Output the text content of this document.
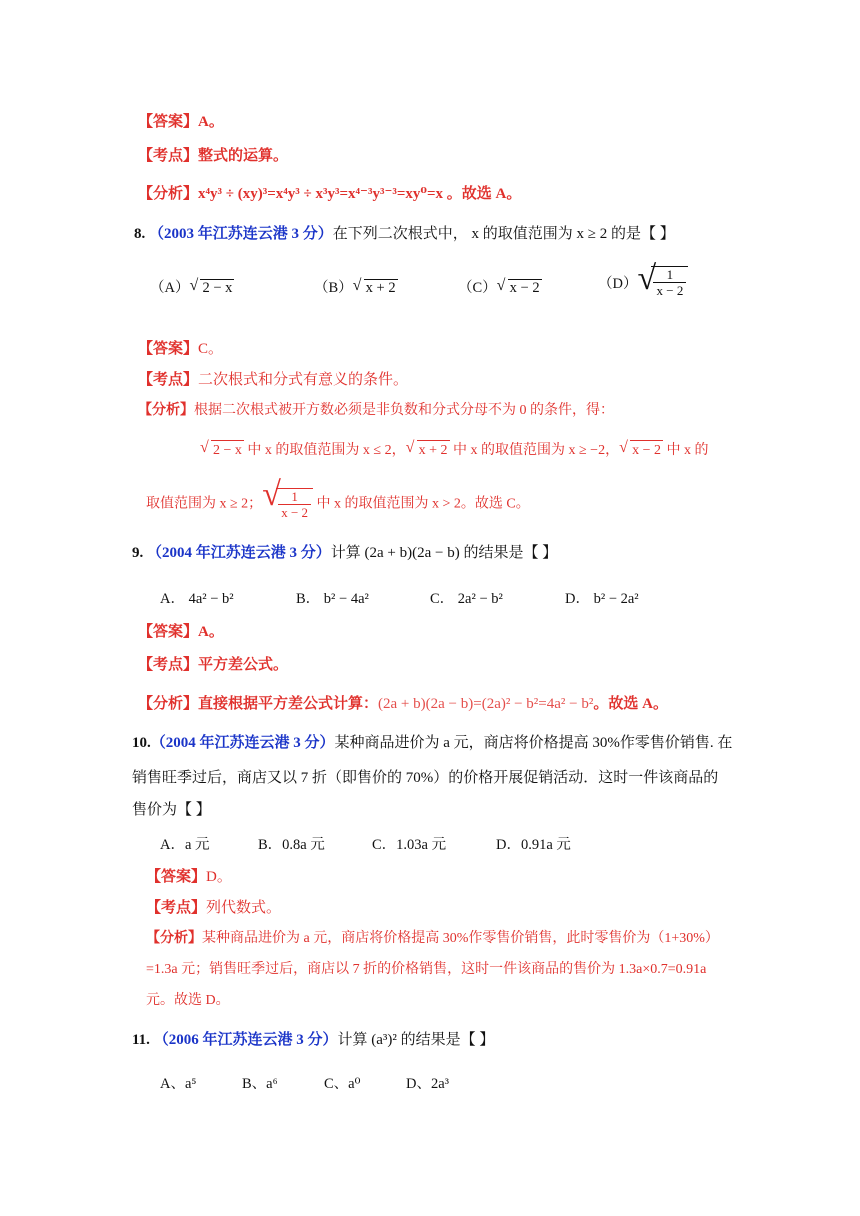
【答案】A。
【考点】整式的运算。
【分析】x⁴y³ ÷ (xy)³=x⁴y³ ÷ x³y³=x⁴⁻³y³⁻³=xy⁰=x 。故选 A。
8. （2003 年江苏连云港 3 分）在下列二次根式中， x 的取值范围为 x ≥ 2 的是【 】
（A） √ 2 − x	（B） √ x + 2	（C） √ x − 2	（D） √ $\frac{1}{x - 2}$
【答案】C。
【考点】二次根式和分式有意义的条件。
【分析】根据二次根式被开方数必须是非负数和分式分母不为 0 的条件，得：
√ 2 − x 中 x 的取值范围为 x ≤ 2， √ x + 2 中 x 的取值范围为 x ≥ −2， √ x − 2 中 x 的
取值范围为 x ≥ 2； √ $\frac{1}{x - 2}$ 中 x 的取值范围为 x > 2。故选 C。
9. （2004 年江苏连云港 3 分）计算 (2a + b)(2a − b) 的结果是【 】
A． 4a² − b²	B． b² − 4a²	C． 2a² − b²	D． b² − 2a²
【答案】A。
【考点】平方差公式。
【分析】直接根据平方差公式计算：(2a + b)(2a − b)=(2a)² − b²=4a² − b²。故选 A。
10.（2004 年江苏连云港 3 分）某种商品进价为 a 元，商店将价格提高 30%作零售价销售. 在
销售旺季过后，商店又以 7 折（即售价的 70%）的价格开展促销活动．这时一件该商品的
售价为【 】
A．a 元	B．0.8a 元	C．1.03a 元	D．0.91a 元
【答案】D。
【考点】列代数式。
【分析】某种商品进价为 a 元，商店将价格提高 30%作零售价销售，此时零售价为（1+30%）
=1.3a 元；销售旺季过后，商店以 7 折的价格销售，这时一件该商品的售价为 1.3a×0.7=0.91a
元。故选 D。
11. （2006 年江苏连云港 3 分）计算 (a³)² 的结果是【 】
A、a⁵	B、a⁶	C、a⁰	D、2a³
